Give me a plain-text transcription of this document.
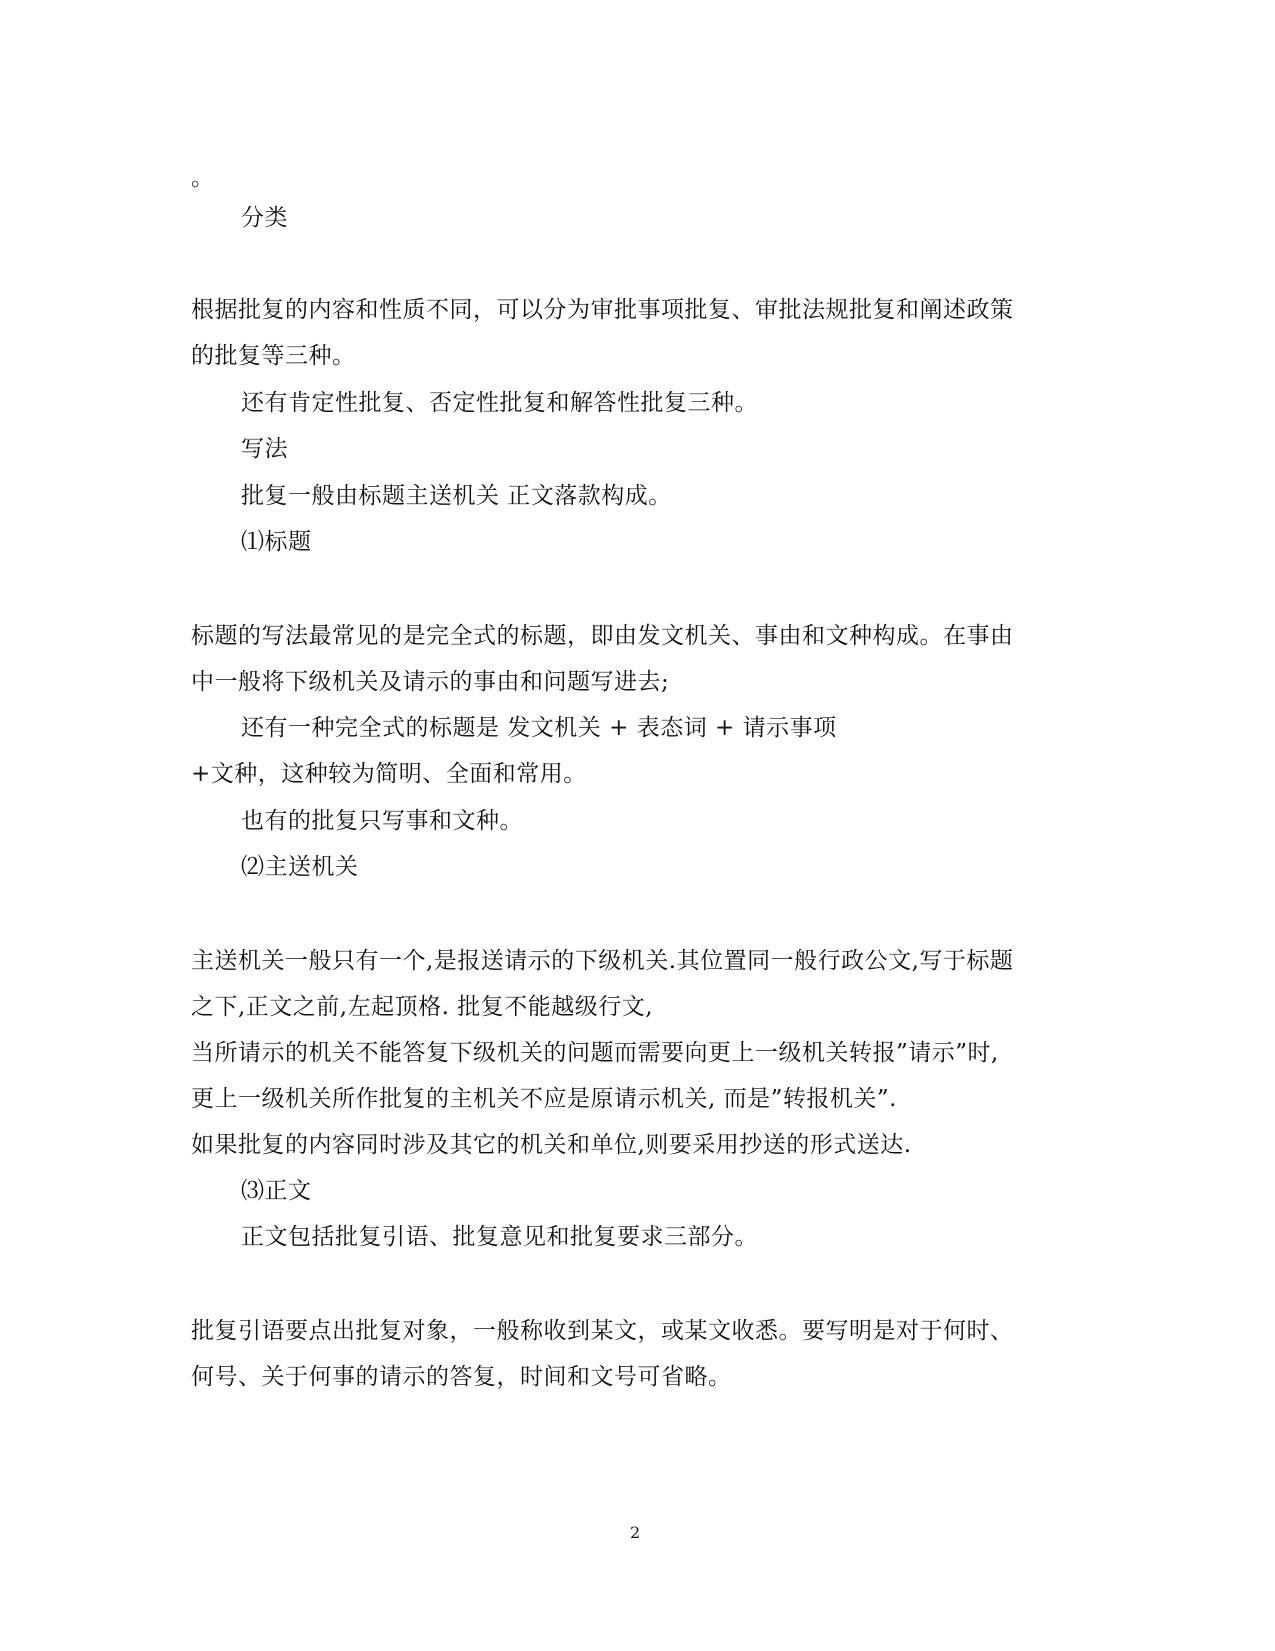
。
分类
根据批复的内容和性质不同，可以分为审批事项批复、审批法规批复和阐述政策
的批复等三种。
还有肯定性批复、否定性批复和解答性批复三种。
写法
批复一般由标题主送机关 正文落款构成。
⑴标题
标题的写法最常见的是完全式的标题，即由发文机关、事由和文种构成。在事由
中一般将下级机关及请示的事由和问题写进去;
还有一种完全式的标题是 发文机关 + 表态词 + 请示事项
+文种，这种较为简明、全面和常用。
也有的批复只写事和文种。
⑵主送机关
主送机关一般只有一个,是报送请示的下级机关.其位置同一般行政公文,写于标题
之下,正文之前,左起顶格. 批复不能越级行文,
当所请示的机关不能答复下级机关的问题而需要向更上一级机关转报”请示”时,
更上一级机关所作批复的主机关不应是原请示机关, 而是”转报机关”.
如果批复的内容同时涉及其它的机关和单位,则要采用抄送的形式送达.
⑶正文
正文包括批复引语、批复意见和批复要求三部分。
批复引语要点出批复对象，一般称收到某文，或某文收悉。要写明是对于何时、
何号、关于何事的请示的答复，时间和文号可省略。
2
